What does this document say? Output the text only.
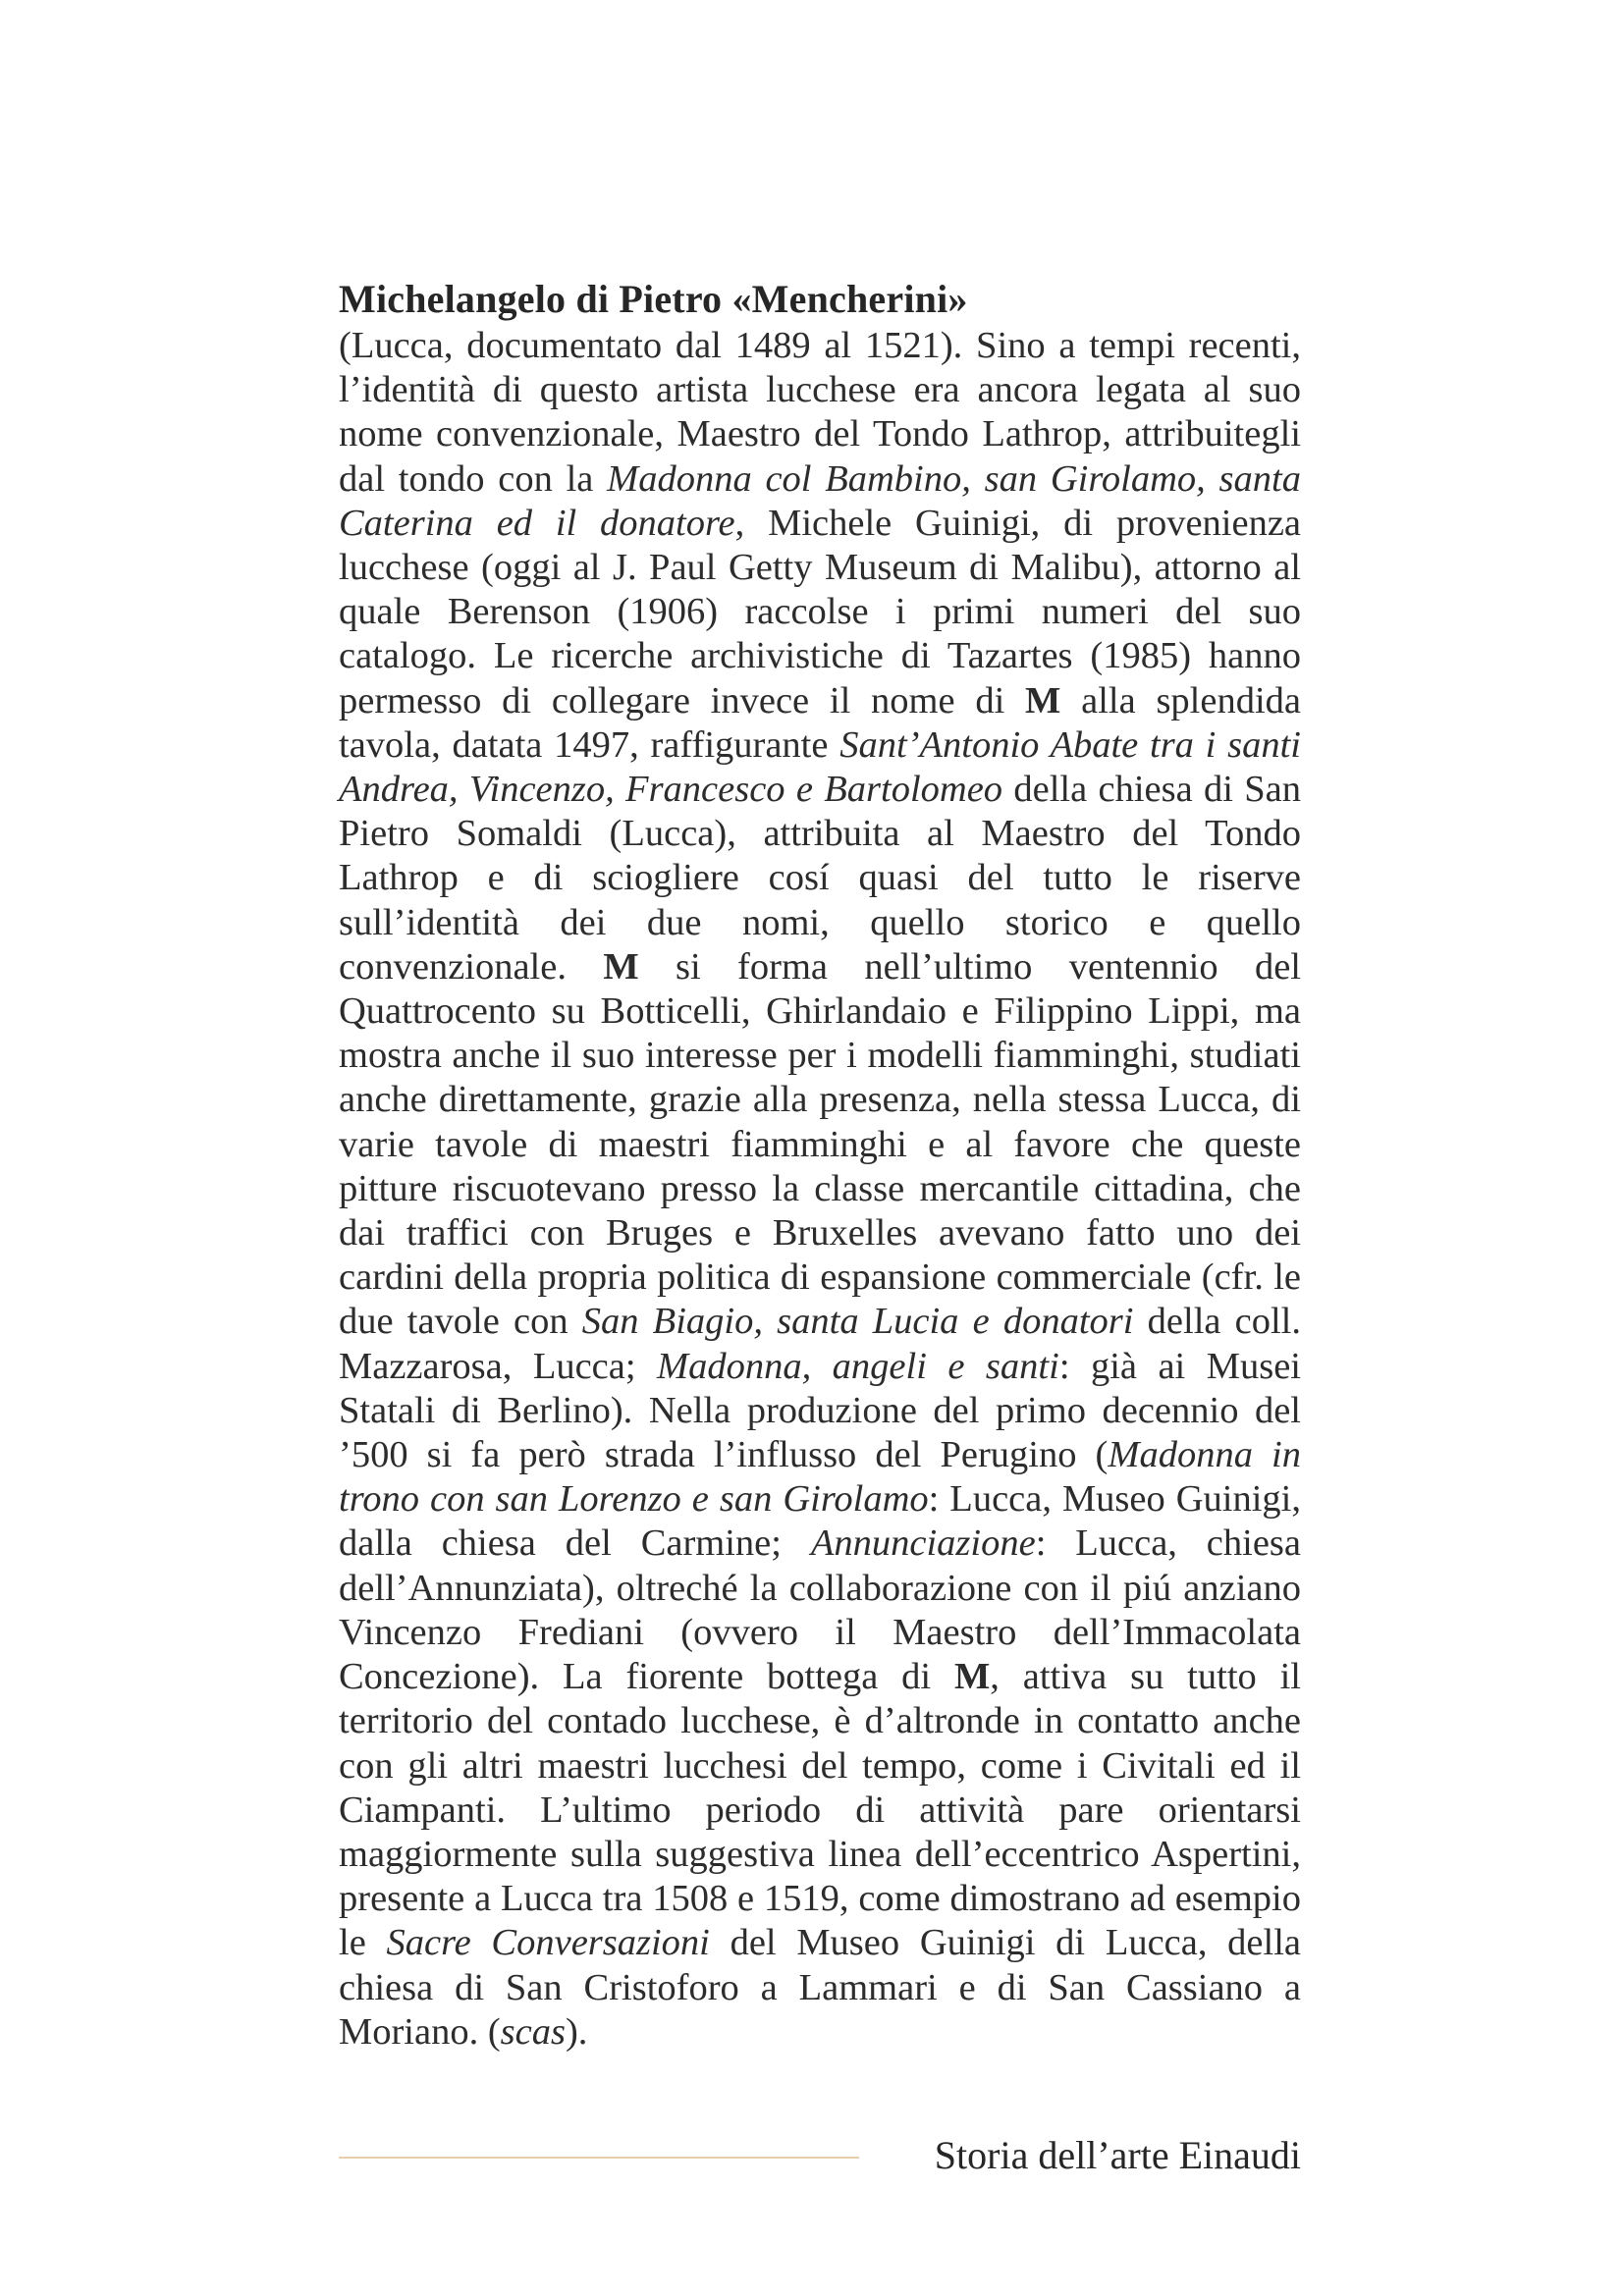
Michelangelo di Pietro «Mencherini»

(Lucca, documentato dal 1489 al 1521). Sino a tempi recenti, l’identità di questo artista lucchese era ancora legata al suo nome convenzionale, Maestro del Tondo Lathrop, attribuitegli dal tondo con la Madonna col Bambino, san Girolamo, santa Caterina ed il donatore, Michele Guinigi, di provenienza lucchese (oggi al J. Paul Getty Museum di Malibu), attorno al quale Berenson (1906) raccolse i primi numeri del suo catalogo. Le ricerche archivistiche di Tazartes (1985) hanno permesso di collegare invece il nome di M alla splendida tavola, datata 1497, raffigurante Sant’Antonio Abate tra i santi Andrea, Vincenzo, Francesco e Bartolomeo della chiesa di San Pietro Somaldi (Lucca), attribuita al Maestro del Tondo Lathrop e di sciogliere cosí quasi del tutto le riserve sull’identità dei due nomi, quello storico e quello convenzionale. M si forma nell’ultimo ventennio del Quattrocento su Botticelli, Ghirlandaio e Filippino Lippi, ma mostra anche il suo interesse per i modelli fiamminghi, studiati anche direttamente, grazie alla presenza, nella stessa Lucca, di varie tavole di maestri fiamminghi e al favore che queste pitture riscuotevano presso la classe mercantile cittadina, che dai traffici con Bruges e Bruxelles avevano fatto uno dei cardini della propria politica di espansione commerciale (cfr. le due tavole con San Biagio, santa Lucia e donatori della coll. Mazzarosa, Lucca; Madonna, angeli e santi: già ai Musei Statali di Berlino). Nella produzione del primo decennio del ’500 si fa però strada l’influsso del Perugino (Madonna in trono con san Lorenzo e san Girolamo: Lucca, Museo Guinigi, dalla chiesa del Carmine; Annunciazione: Lucca, chiesa dell’Annunziata), oltreché la collaborazione con il piú anziano Vincenzo Frediani (ovvero il Maestro dell’Immacolata Concezione). La fiorente bottega di M, attiva su tutto il territorio del contado lucchese, è d’altronde in contatto anche con gli altri maestri lucchesi del tempo, come i Civitali ed il Ciampanti. L’ultimo periodo di attività pare orientarsi maggiormente sulla suggestiva linea dell’eccentrico Aspertini, presente a Lucca tra 1508 e 1519, come dimostrano ad esempio le Sacre Conversazioni del Museo Guinigi di Lucca, della chiesa di San Cristoforo a Lammari e di San Cassiano a Moriano. (scas).

Storia dell’arte Einaudi
